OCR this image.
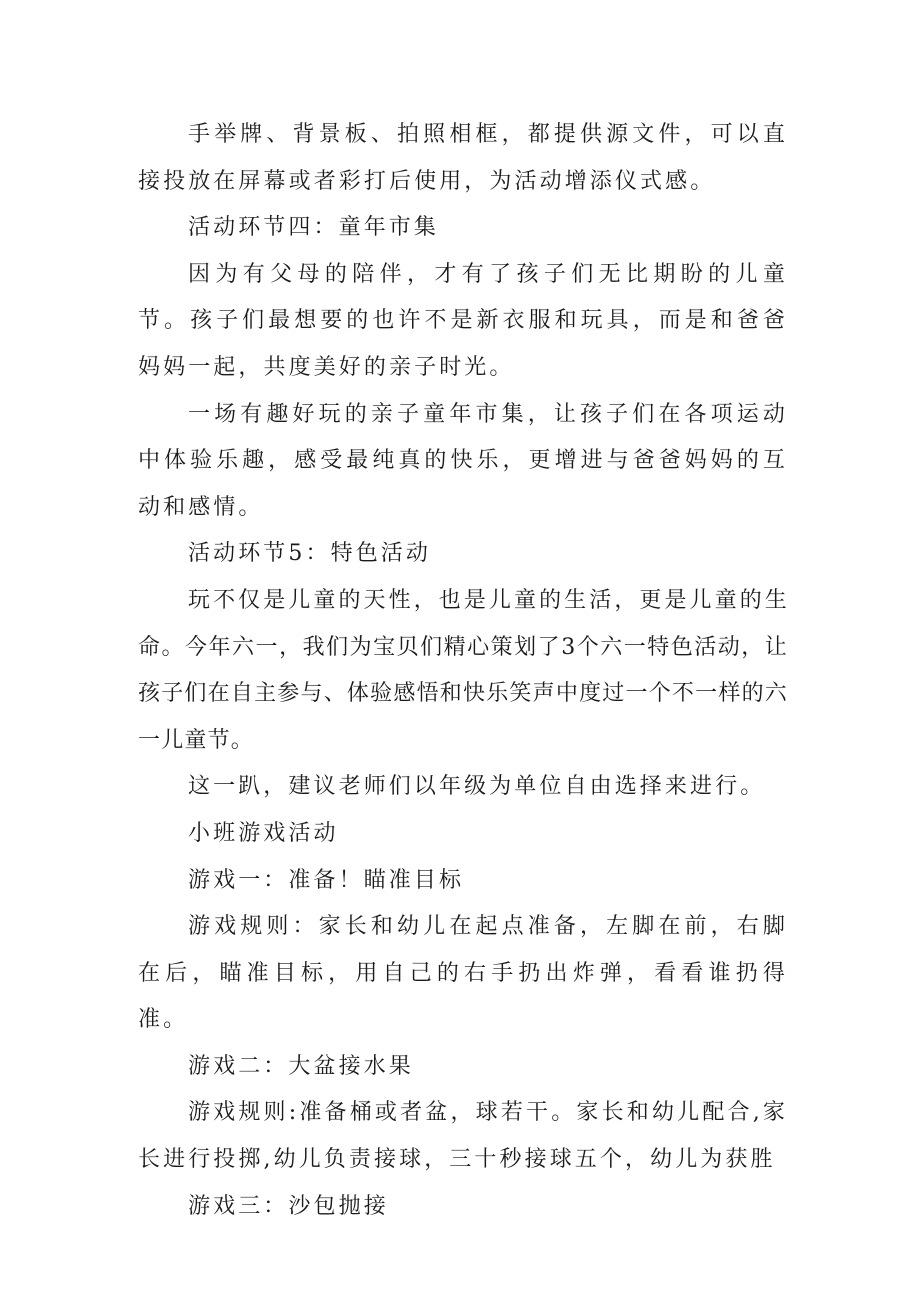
手举牌、背景板、拍照相框，都提供源文件，可以直接投放在屏幕或者彩打后使用，为活动增添仪式感。

活动环节四：童年市集

因为有父母的陪伴，才有了孩子们无比期盼的儿童节。孩子们最想要的也许不是新衣服和玩具，而是和爸爸妈妈一起，共度美好的亲子时光。

一场有趣好玩的亲子童年市集，让孩子们在各项运动中体验乐趣，感受最纯真的快乐，更增进与爸爸妈妈的互动和感情。

活动环节5：特色活动

玩不仅是儿童的天性，也是儿童的生活，更是儿童的生命。今年六一，我们为宝贝们精心策划了3个六一特色活动，让孩子们在自主参与、体验感悟和快乐笑声中度过一个不一样的六一儿童节。

这一趴，建议老师们以年级为单位自由选择来进行。

小班游戏活动

游戏一：准备！瞄准目标

游戏规则：家长和幼儿在起点准备，左脚在前，右脚在后，瞄准目标，用自己的右手扔出炸弹，看看谁扔得准。

游戏二：大盆接水果

游戏规则:准备桶或者盆，球若干。家长和幼儿配合,家长进行投掷,幼儿负责接球，三十秒接球五个，幼儿为获胜

游戏三：沙包抛接
